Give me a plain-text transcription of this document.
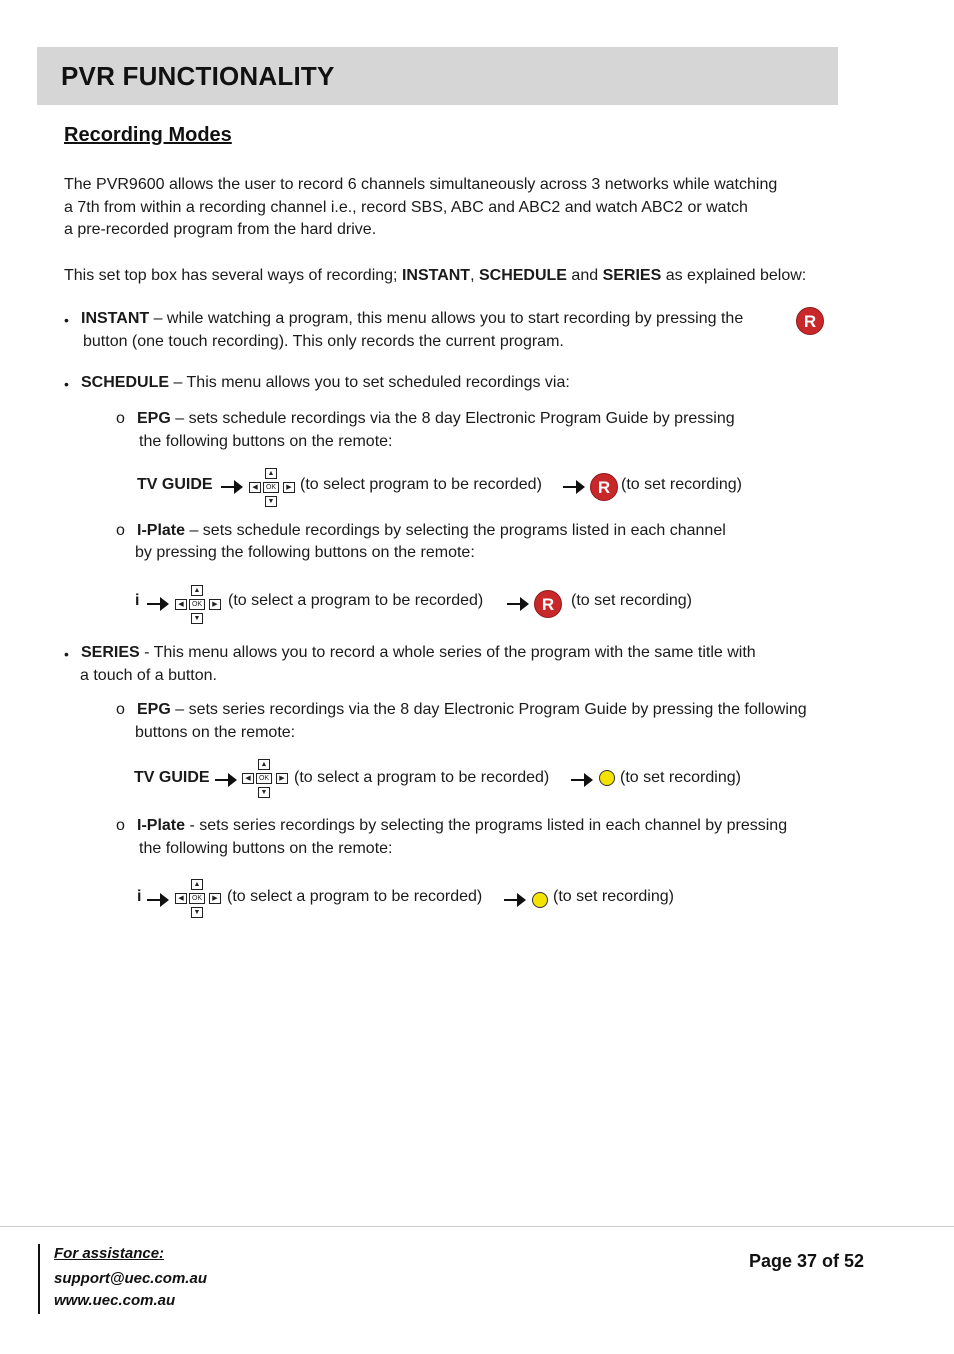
PVR FUNCTIONALITY
Recording Modes
The PVR9600 allows the user to record 6 channels simultaneously across 3 networks while watching
a 7th from within a recording channel i.e., record SBS, ABC and ABC2 and watch ABC2 or watch
a pre-recorded program from the hard drive.
This set top box has several ways of recording; INSTANT, SCHEDULE and SERIES as explained below:
• INSTANT – while watching a program, this menu allows you to start recording by pressing the	R
button (one touch recording). This only records the current program.
• SCHEDULE – This menu allows you to set scheduled recordings via:
o EPG – sets schedule recordings via the 8 day Electronic Program Guide by pressing
the following buttons on the remote:
TV GUIDE
▲
◀	OK	▶
▼
(to select program to be recorded)	R (to set recording)
o I-Plate – sets schedule recordings by selecting the programs listed in each channel
by pressing the following buttons on the remote:
i
▲
◀	OK	▶
▼
(to select a program to be recorded)	R	(to set recording)
• SERIES - This menu allows you to record a whole series of the program with the same title with
a touch of a button.
o EPG – sets series recordings via the 8 day Electronic Program Guide by pressing the following
buttons on the remote:
TV GUIDE
▲
◀	OK	▶
▼
(to select a program to be recorded)	(to set recording)
o I-Plate - sets series recordings by selecting the programs listed in each channel by pressing
the following buttons on the remote:
i
▲
◀	OK	▶
▼
(to select a program to be recorded)	(to set recording)
For assistance:
support@uec.com.au
www.uec.com.au
Page 37 of 52
